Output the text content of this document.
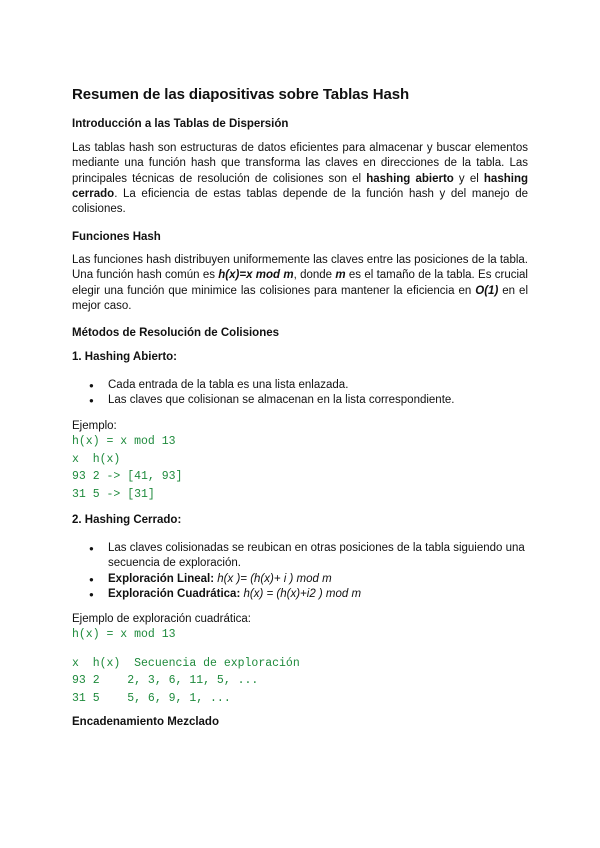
Resumen de las diapositivas sobre Tablas Hash
Introducción a las Tablas de Dispersión

Las tablas hash son estructuras de datos eficientes para almacenar y buscar elementos mediante una función hash que transforma las claves en direcciones de la tabla. Las principales técnicas de resolución de colisiones son el hashing abierto y el hashing cerrado. La eficiencia de estas tablas depende de la función hash y del manejo de colisiones.

Funciones Hash

Las funciones hash distribuyen uniformemente las claves entre las posiciones de la tabla. Una función hash común es h(x)=x mod m, donde m es el tamaño de la tabla. Es crucial elegir una función que minimice las colisiones para mantener la eficiencia en O(1) en el mejor caso.

Métodos de Resolución de Colisiones
1. Hashing Abierto:
● Cada entrada de la tabla es una lista enlazada.
● Las claves que colisionan se almacenan en la lista correspondiente.
Ejemplo:
h(x) = x mod 13
x  h(x)
93 2 -> [41, 93]
31 5 -> [31]
2. Hashing Cerrado:
● Las claves colisionadas se reubican en otras posiciones de la tabla siguiendo una secuencia de exploración.
● Exploración Lineal: h(x )= (h(x)+ i ) mod m
● Exploración Cuadrática: h(x) = (h(x)+i2 ) mod m
Ejemplo de exploración cuadrática:
h(x) = x mod 13
x  h(x)  Secuencia de exploración
93 2    2, 3, 6, 11, 5, ...
31 5    5, 6, 9, 1, ...
Encadenamiento Mezclado
